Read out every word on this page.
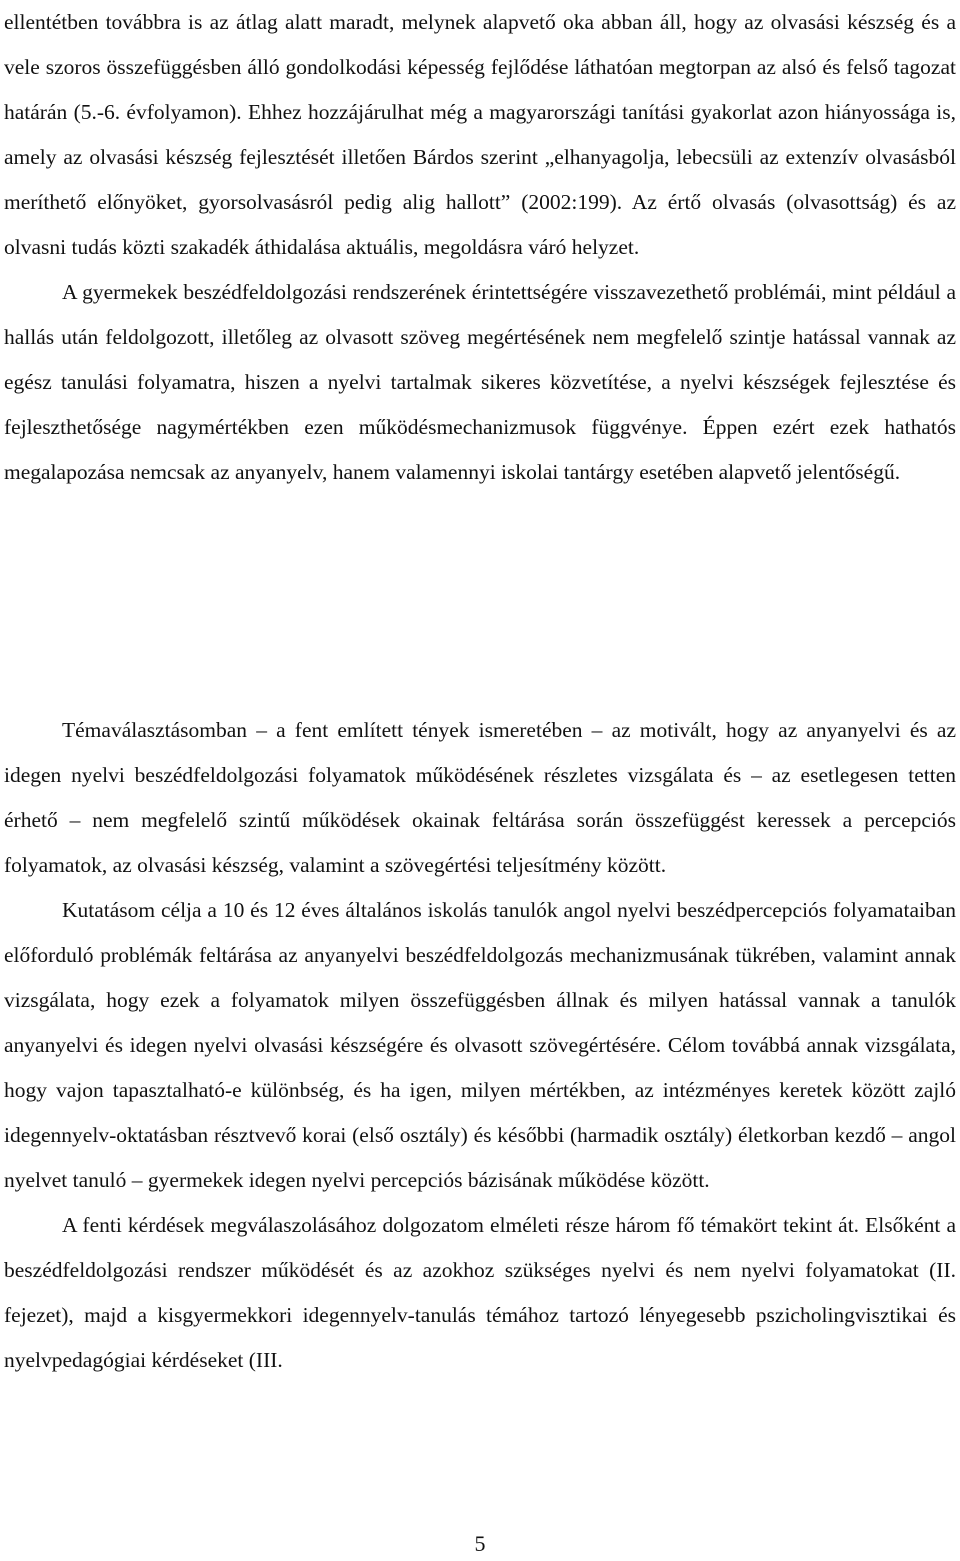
ellentétben továbbra is az átlag alatt maradt, melynek alapvető oka abban áll, hogy az olvasási készség és a vele szoros összefüggésben álló gondolkodási képesség fejlődése láthatóan megtorpan az alsó és felső tagozat határán (5.-6. évfolyamon). Ehhez hozzájárulhat még a magyarországi tanítási gyakorlat azon hiányossága is, amely az olvasási készség fejlesztését illetően Bárdos szerint „elhanyagolja, lebecsüli az extenzív olvasásból meríthető előnyöket, gyorsolvasásról pedig alig hallott” (2002:199). Az értő olvasás (olvasottság) és az olvasni tudás közti szakadék áthidalása aktuális, megoldásra váró helyzet.

A gyermekek beszédfeldolgozási rendszerének érintettségére visszavezethető problémái, mint például a hallás után feldolgozott, illetőleg az olvasott szöveg megértésének nem megfelelő szintje hatással vannak az egész tanulási folyamatra, hiszen a nyelvi tartalmak sikeres közvetítése, a nyelvi készségek fejlesztése és fejleszthetősége nagymértékben ezen működésmechanizmusok függvénye. Éppen ezért ezek hathatós megalapozása nemcsak az anyanyelv, hanem valamennyi iskolai tantárgy esetében alapvető jelentőségű.

Témaválasztásomban – a fent említett tények ismeretében – az motivált, hogy az anyanyelvi és az idegen nyelvi beszédfeldolgozási folyamatok működésének részletes vizsgálata és – az esetlegesen tetten érhető – nem megfelelő szintű működések okainak feltárása során összefüggést keressek a percepciós folyamatok, az olvasási készség, valamint a szövegértési teljesítmény között.

Kutatásom célja a 10 és 12 éves általános iskolás tanulók angol nyelvi beszédpercepciós folyamataiban előforduló problémák feltárása az anyanyelvi beszédfeldolgozás mechanizmusának tükrében, valamint annak vizsgálata, hogy ezek a folyamatok milyen összefüggésben állnak és milyen hatással vannak a tanulók anyanyelvi és idegen nyelvi olvasási készségére és olvasott szövegértésére. Célom továbbá annak vizsgálata, hogy vajon tapasztalható-e különbség, és ha igen, milyen mértékben, az intézményes keretek között zajló idegennyelv-oktatásban résztvevő korai (első osztály) és későbbi (harmadik osztály) életkorban kezdő – angol nyelvet tanuló – gyermekek idegen nyelvi percepciós bázisának működése között.

A fenti kérdések megválaszolásához dolgozatom elméleti része három fő témakört tekint át. Elsőként a beszédfeldolgozási rendszer működését és az azokhoz szükséges nyelvi és nem nyelvi folyamatokat (II. fejezet), majd a kisgyermekkori idegennyelv-tanulás témához tartozó lényegesebb pszicholingvisztikai és nyelvpedagógiai kérdéseket (III.

5
